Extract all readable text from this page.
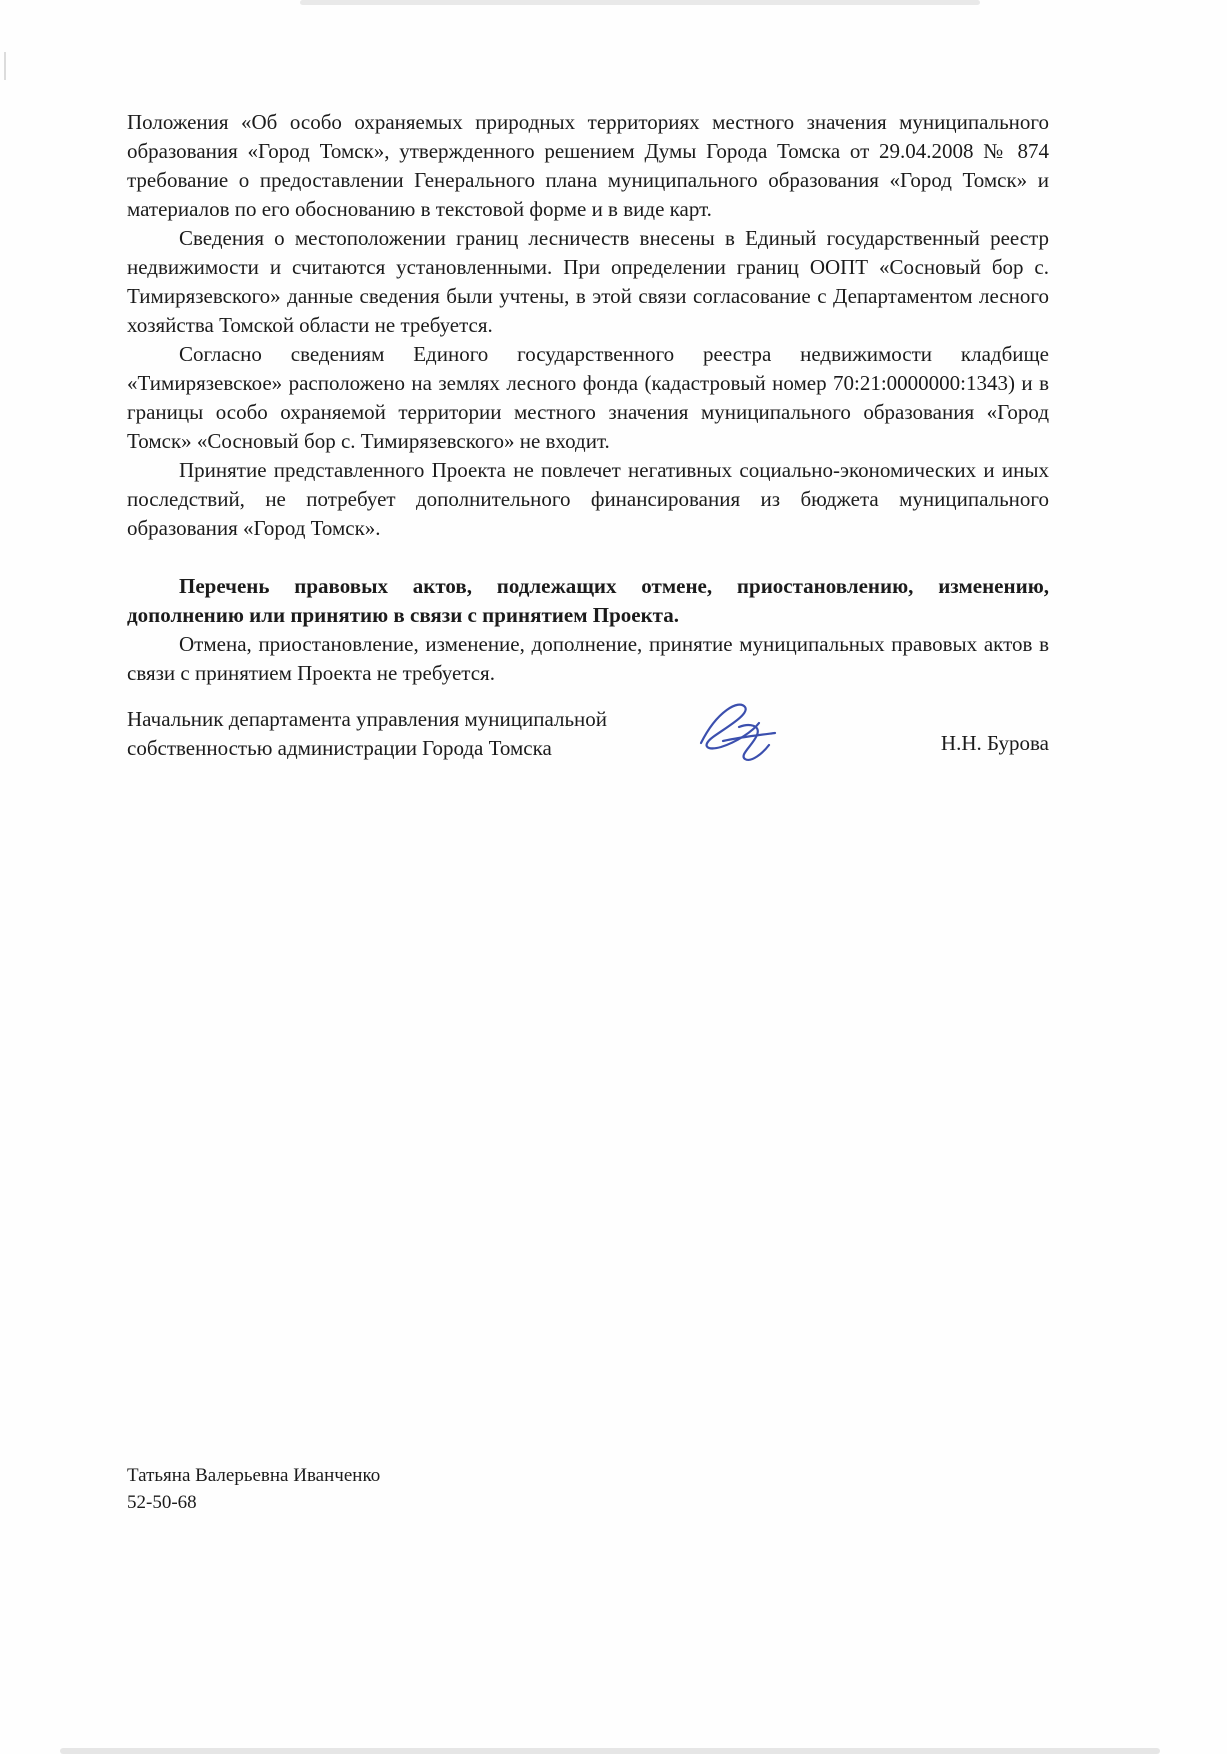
Положения «Об особо охраняемых природных территориях местного значения муниципального образования «Город Томск», утвержденного решением Думы Города Томска от 29.04.2008 № 874 требование о предоставлении Генерального плана муниципального образования «Город Томск» и материалов по его обоснованию в текстовой форме и в виде карт.

Сведения о местоположении границ лесничеств внесены в Единый государственный реестр недвижимости и считаются установленными. При определении границ ООПТ «Сосновый бор с. Тимирязевского» данные сведения были учтены, в этой связи согласование с Департаментом лесного хозяйства Томской области не требуется.

Согласно сведениям Единого государственного реестра недвижимости кладбище «Тимирязевское» расположено на землях лесного фонда (кадастровый номер 70:21:0000000:1343) и в границы особо охраняемой территории местного значения муниципального образования «Город Томск» «Сосновый бор с. Тимирязевского» не входит.

Принятие представленного Проекта не повлечет негативных социально-экономических и иных последствий, не потребует дополнительного финансирования из бюджета муниципального образования «Город Томск».

Перечень правовых актов, подлежащих отмене, приостановлению, изменению, дополнению или принятию в связи с принятием Проекта.

Отмена, приостановление, изменение, дополнение, принятие муниципальных правовых актов в связи с принятием Проекта не требуется.

Начальник департамента управления муниципальной
собственностью администрации Города Томска	Н.Н. Бурова
Татьяна Валерьевна Иванченко
52-50-68
